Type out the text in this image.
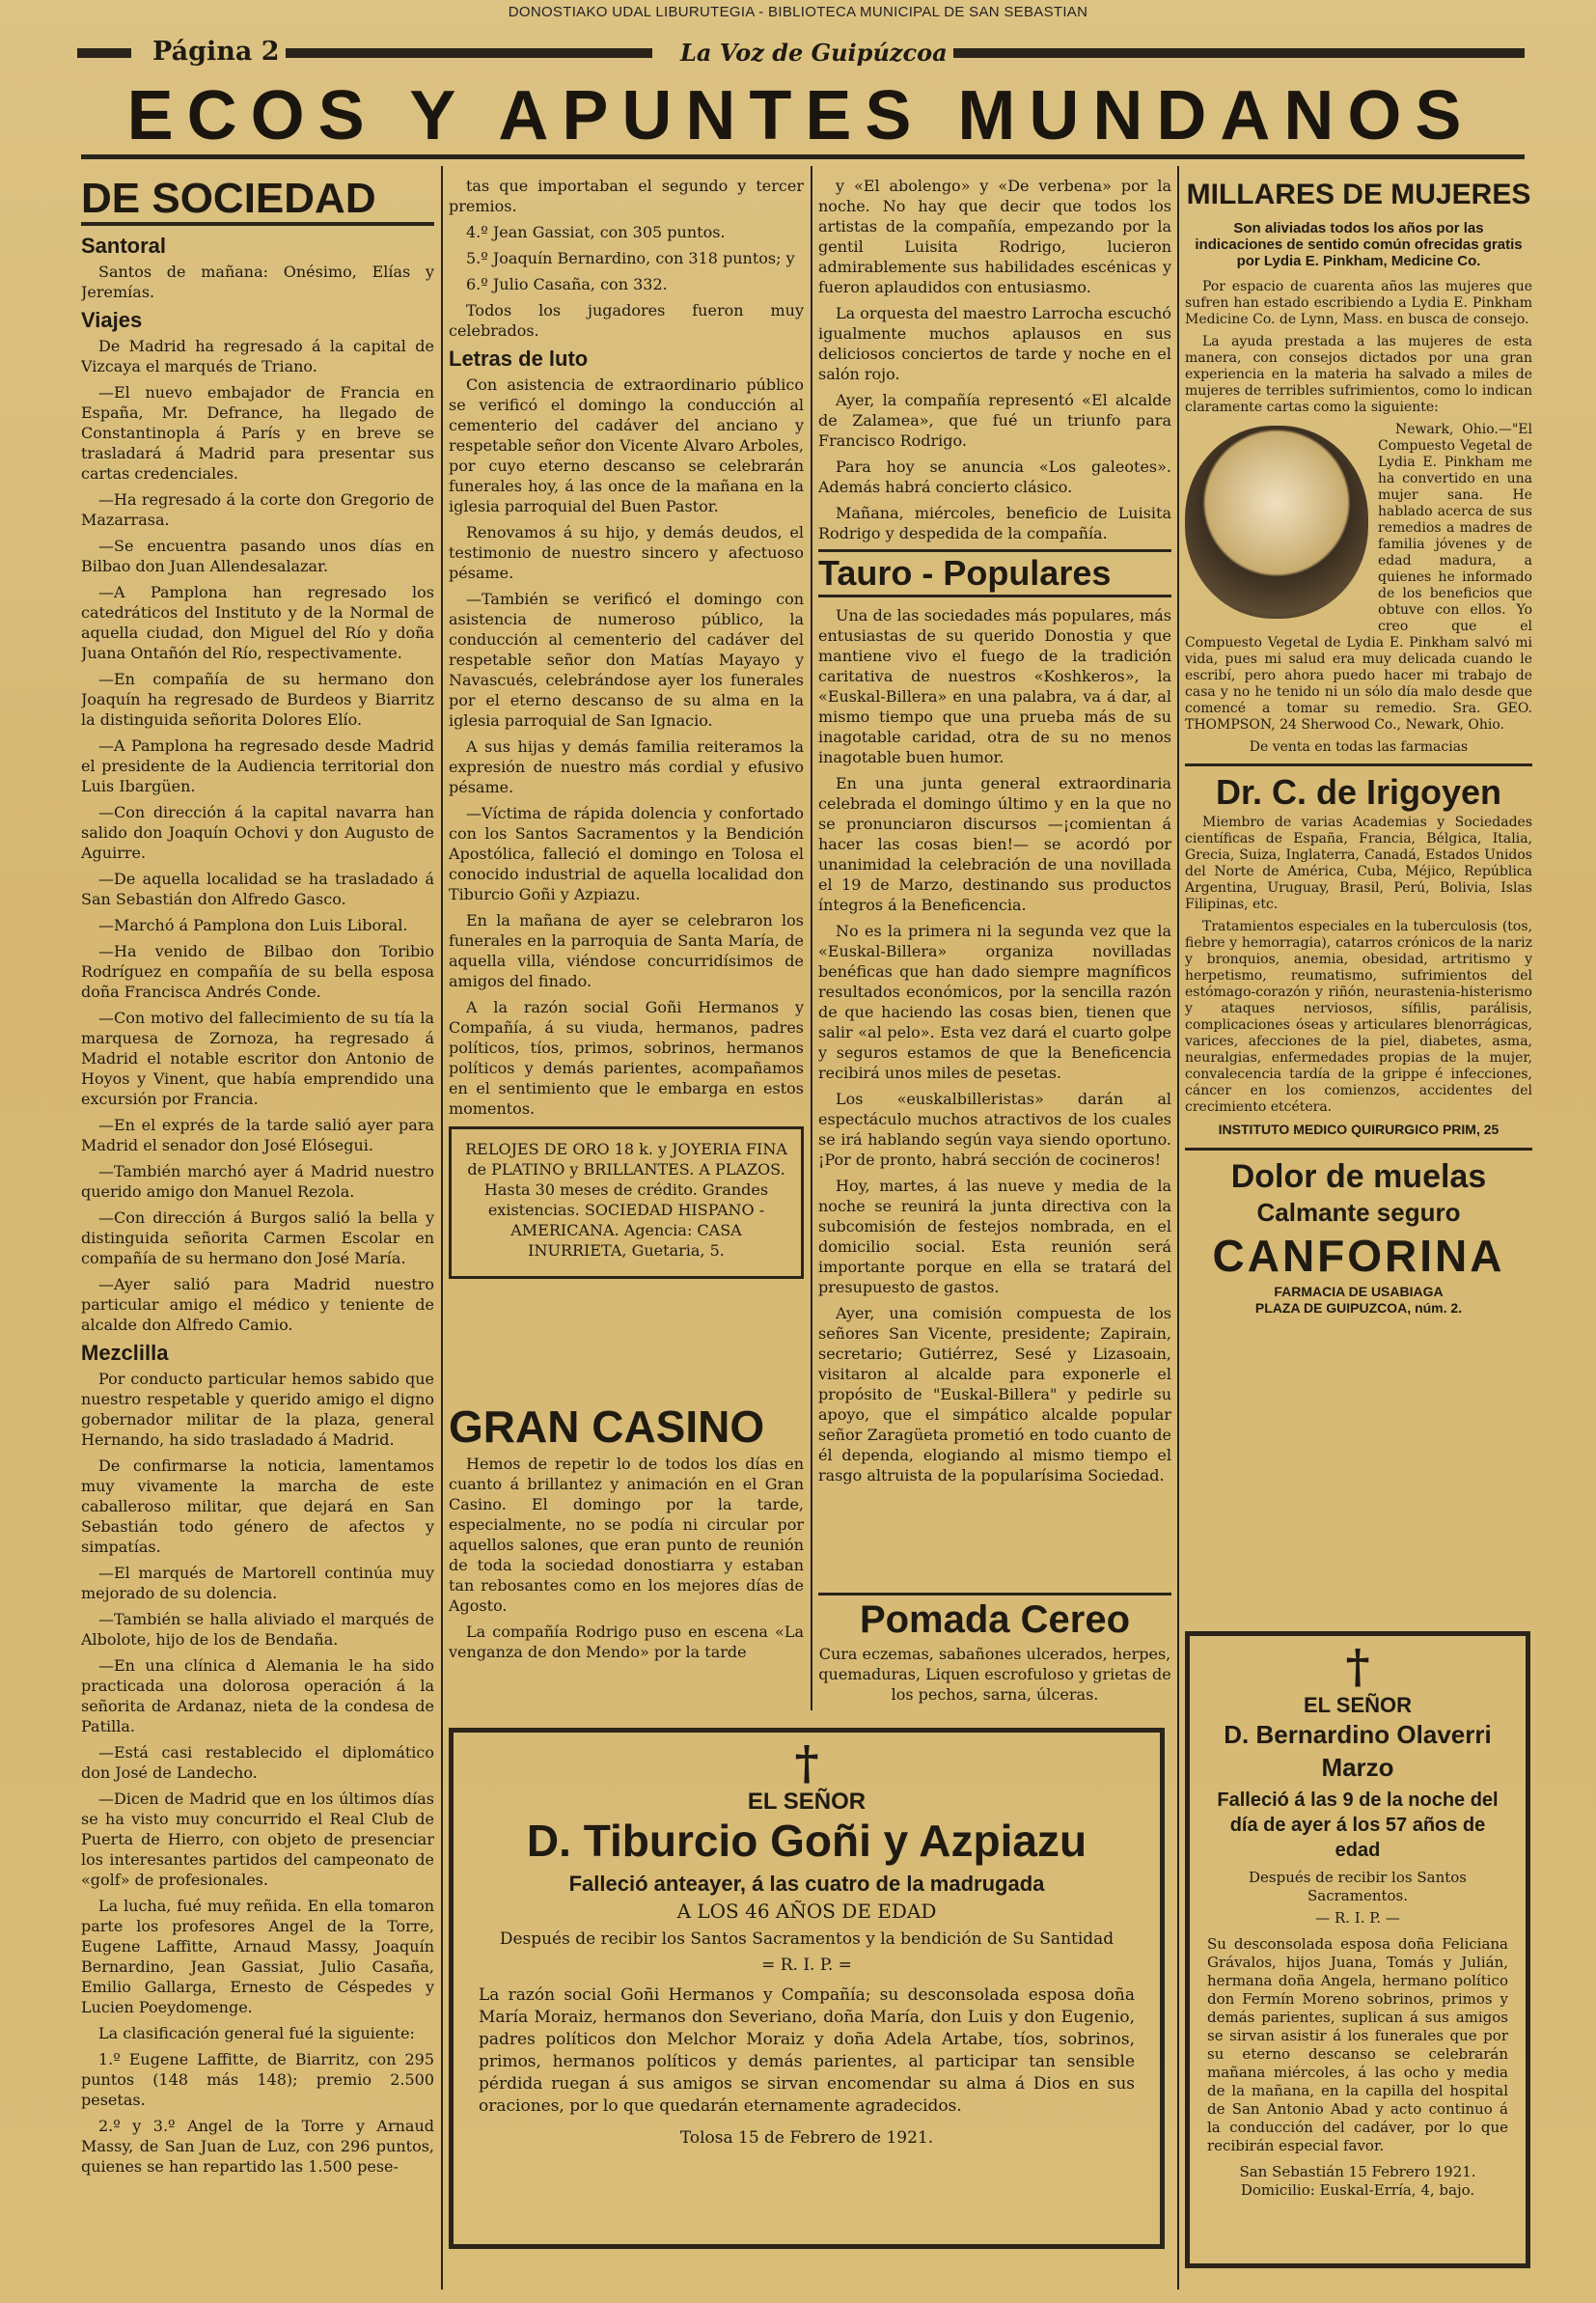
DONOSTIAKO UDAL LIBURUTEGIA - BIBLIOTECA MUNICIPAL DE SAN SEBASTIAN
Página 2	La Voz de Guipúzcoa
ECOS Y APUNTES MUNDANOS
DE SOCIEDAD
Santoral

Santos de mañana: Onésimo, Elías y Jeremías.

Viajes

De Madrid ha regresado á la capital de Vizcaya el marqués de Triano.

—El nuevo embajador de Francia en España, Mr. Defrance, ha llegado de Constantinopla á París y en breve se trasladará á Madrid para presentar sus cartas credenciales.

—Ha regresado á la corte don Gregorio de Mazarrasa.

—Se encuentra pasando unos días en Bilbao don Juan Allendesalazar.

—A Pamplona han regresado los catedráticos del Instituto y de la Normal de aquella ciudad, don Miguel del Río y doña Juana Ontañón del Río, respectivamente.

—En compañía de su hermano don Joaquín ha regresado de Burdeos y Biarritz la distinguida señorita Dolores Elío.

—A Pamplona ha regresado desde Madrid el presidente de la Audiencia territorial don Luis Ibargüen.

—Con dirección á la capital navarra han salido don Joaquín Ochovi y don Augusto de Aguirre.

—De aquella localidad se ha trasladado á San Sebastián don Alfredo Gasco.

—Marchó á Pamplona don Luis Liboral.

—Ha venido de Bilbao don Toribio Rodríguez en compañía de su bella esposa doña Francisca Andrés Conde.

—Con motivo del fallecimiento de su tía la marquesa de Zornoza, ha regresado á Madrid el notable escritor don Antonio de Hoyos y Vinent, que había emprendido una excursión por Francia.

—En el exprés de la tarde salió ayer para Madrid el senador don José Elósegui.

—También marchó ayer á Madrid nuestro querido amigo don Manuel Rezola.

—Con dirección á Burgos salió la bella y distinguida señorita Carmen Escolar en compañía de su hermano don José María.

—Ayer salió para Madrid nuestro particular amigo el médico y teniente de alcalde don Alfredo Camio.

Mezclilla

Por conducto particular hemos sabido que nuestro respetable y querido amigo el digno gobernador militar de la plaza, general Hernando, ha sido trasladado á Madrid.

De confirmarse la noticia, lamentamos muy vivamente la marcha de este caballeroso militar, que dejará en San Sebastián todo género de afectos y simpatías.

—El marqués de Martorell continúa muy mejorado de su dolencia.

—También se halla aliviado el marqués de Albolote, hijo de los de Bendaña.

—En una clínica d Alemania le ha sido practicada una dolorosa operación á la señorita de Ardanaz, nieta de la condesa de Patilla.

—Está casi restablecido el diplomático don José de Landecho.

—Dicen de Madrid que en los últimos días se ha visto muy concurrido el Real Club de Puerta de Hierro, con objeto de presenciar los interesantes partidos del campeonato de «golf» de profesionales.

La lucha, fué muy reñida. En ella tomaron parte los profesores Angel de la Torre, Eugene Laffitte, Arnaud Massy, Joaquín Bernardino, Jean Gassiat, Julio Casaña, Emilio Gallarga, Ernesto de Céspedes y Lucien Poeydomenge.

La clasificación general fué la siguiente:

1.º Eugene Laffitte, de Biarritz, con 295 puntos (148 más 148); premio 2.500 pesetas.

2.º y 3.º Angel de la Torre y Arnaud Massy, de San Juan de Luz, con 296 puntos, quienes se han repartido las 1.500 pese-

tas que importaban el segundo y tercer premios.

4.º Jean Gassiat, con 305 puntos.

5.º Joaquín Bernardino, con 318 puntos; y

6.º Julio Casaña, con 332.

Todos los jugadores fueron muy celebrados.

Letras de luto

Con asistencia de extraordinario público se verificó el domingo la conducción al cementerio del cadáver del anciano y respetable señor don Vicente Alvaro Arboles, por cuyo eterno descanso se celebrarán funerales hoy, á las once de la mañana en la iglesia parroquial del Buen Pastor.

Renovamos á su hijo, y demás deudos, el testimonio de nuestro sincero y afectuoso pésame.

—También se verificó el domingo con asistencia de numeroso público, la conducción al cementerio del cadáver del respetable señor don Matías Mayayo y Navascués, celebrándose ayer los funerales por el eterno descanso de su alma en la iglesia parroquial de San Ignacio.

A sus hijas y demás familia reiteramos la expresión de nuestro más cordial y efusivo pésame.

—Víctima de rápida dolencia y confortado con los Santos Sacramentos y la Bendición Apostólica, falleció el domingo en Tolosa el conocido industrial de aquella localidad don Tiburcio Goñi y Azpiazu.

En la mañana de ayer se celebraron los funerales en la parroquia de Santa María, de aquella villa, viéndose concurridísimos de amigos del finado.

A la razón social Goñi Hermanos y Compañía, á su viuda, hermanos, padres políticos, tíos, primos, sobrinos, hermanos políticos y demás parientes, acompañamos en el sentimiento que le embarga en estos momentos.

RELOJES DE ORO 18 k. y JOYERIA FINA de PLATINO y BRILLANTES. A PLAZOS. Hasta 30 meses de crédito. Grandes existencias. SOCIEDAD HISPANO - AMERICANA. Agencia: CASA INURRIETA, Guetaria, 5.

GRAN CASINO

Hemos de repetir lo de todos los días en cuanto á brillantez y animación en el Gran Casino. El domingo por la tarde, especialmente, no se podía ni circular por aquellos salones, que eran punto de reunión de toda la sociedad donostiarra y estaban tan rebosantes como en los mejores días de Agosto.

La compañía Rodrigo puso en escena «La venganza de don Mendo» por la tarde

y «El abolengo» y «De verbena» por la noche. No hay que decir que todos los artistas de la compañía, empezando por la gentil Luisita Rodrigo, lucieron admirablemente sus habilidades escénicas y fueron aplaudidos con entusiasmo.

La orquesta del maestro Larrocha escuchó igualmente muchos aplausos en sus deliciosos conciertos de tarde y noche en el salón rojo.

Ayer, la compañía representó «El alcalde de Zalamea», que fué un triunfo para Francisco Rodrigo.

Para hoy se anuncia «Los galeotes». Además habrá concierto clásico.

Mañana, miércoles, beneficio de Luisita Rodrigo y despedida de la compañía.

Tauro - Populares

Una de las sociedades más populares, más entusiastas de su querido Donostia y que mantiene vivo el fuego de la tradición caritativa de nuestros «Koshkeros», la «Euskal-Billera» en una palabra, va á dar, al mismo tiempo que una prueba más de su inagotable caridad, otra de su no menos inagotable buen humor.

En una junta general extraordinaria celebrada el domingo último y en la que no se pronunciaron discursos —¡comientan á hacer las cosas bien!— se acordó por unanimidad la celebración de una novillada el 19 de Marzo, destinando sus productos íntegros á la Beneficencia.

No es la primera ni la segunda vez que la «Euskal-Billera» organiza novilladas benéficas que han dado siempre magníficos resultados económicos, por la sencilla razón de que haciendo las cosas bien, tienen que salir «al pelo». Esta vez dará el cuarto golpe y seguros estamos de que la Beneficencia recibirá unos miles de pesetas.

Los «euskalbilleristas» darán al espectáculo muchos atractivos de los cuales se irá hablando según vaya siendo oportuno. ¡Por de pronto, habrá sección de cocineros!

Hoy, martes, á las nueve y media de la noche se reunirá la junta directiva con la subcomisión de festejos nombrada, en el domicilio social. Esta reunión será importante porque en ella se tratará del presupuesto de gastos.

Ayer, una comisión compuesta de los señores San Vicente, presidente; Zapirain, secretario; Gutiérrez, Sesé y Lizasoain, visitaron al alcalde para exponerle el propósito de "Euskal-Billera" y pedirle su apoyo, que el simpático alcalde popular señor Zaragüeta prometió en todo cuanto de él dependa, elogiando al mismo tiempo el rasgo altruista de la popularísima Sociedad.

Pomada Cereo

Cura eczemas, sabañones ulcerados, herpes, quemaduras, Liquen escrofuloso y grietas de los pechos, sarna, úlceras.

†
EL SEÑOR
D. Tiburcio Goñi y Azpiazu
Falleció anteayer, á las cuatro de la madrugada
A LOS 46 AÑOS DE EDAD
Después de recibir los Santos Sacramentos y la bendición de Su Santidad
= R. I. P. =
La razón social Goñi Hermanos y Compañía; su desconsolada esposa doña María Moraiz, hermanos don Severiano, doña María, don Luis y don Eugenio, padres políticos don Melchor Moraiz y doña Adela Artabe, tíos, sobrinos, primos, hermanos políticos y demás parientes, al participar tan sensible pérdida ruegan á sus amigos se sirvan encomendar su alma á Dios en sus oraciones, por lo que quedarán eternamente agradecidos.
Tolosa 15 de Febrero de 1921.
MILLARES DE MUJERES

Son aliviadas todos los años por las indicaciones de sentido común ofrecidas gratis por Lydia E. Pinkham, Medicine Co.

Por espacio de cuarenta años las mujeres que sufren han estado escribiendo a Lydia E. Pinkham Medicine Co. de Lynn, Mass. en busca de consejo.

La ayuda prestada a las mujeres de esta manera, con consejos dictados por una gran experiencia en la materia ha salvado a miles de mujeres de terribles sufrimientos, como lo indican claramente cartas como la siguiente:

Newark, Ohio.—"El Compuesto Vegetal de Lydia E. Pinkham me ha convertido en una mujer sana. He hablado acerca de sus remedios a madres de familia jóvenes y de edad madura, a quienes he informado de los beneficios que obtuve con ellos. Yo creo que el Compuesto Vegetal de Lydia E. Pinkham salvó mi vida, pues mi salud era muy delicada cuando le escribí, pero ahora puedo hacer mi trabajo de casa y no he tenido ni un sólo día malo desde que comencé a tomar su remedio. Sra. GEO. THOMPSON, 24 Sherwood Co., Newark, Ohio.

De venta en todas las farmacias

Dr. C. de Irigoyen

Miembro de varias Academias y Sociedades científicas de España, Francia, Bélgica, Italia, Grecia, Suiza, Inglaterra, Canadá, Estados Unidos del Norte de América, Cuba, Méjico, República Argentina, Uruguay, Brasil, Perú, Bolivia, Islas Filipinas, etc.

Tratamientos especiales en la tuberculosis (tos, fiebre y hemorragia), catarros crónicos de la nariz y bronquios, anemia, obesidad, artritismo y herpetismo, reumatismo, sufrimientos del estómago-corazón y riñón, neurastenia-histerismo y ataques nerviosos, sífilis, parálisis, complicaciones óseas y articulares blenorrágicas, varices, afecciones de la piel, diabetes, asma, neuralgias, enfermedades propias de la mujer, convalecencia tardía de la grippe é infecciones, cáncer en los comienzos, accidentes del crecimiento etcétera.

INSTITUTO MEDICO QUIRURGICO PRIM, 25

Dolor de muelas
Calmante seguro
CANFORINA
FARMACIA DE USABIAGA
PLAZA DE GUIPUZCOA, núm. 2.
†
EL SEÑOR
D. Bernardino Olaverri Marzo
Falleció á las 9 de la noche del día de ayer á los 57 años de edad
Después de recibir los Santos Sacramentos.
— R. I. P. —
Su desconsolada esposa doña Feliciana Grávalos, hijos Juana, Tomás y Julián, hermana doña Angela, hermano político don Fermín Moreno sobrinos, primos y demás parientes, suplican á sus amigos se sirvan asistir á los funerales que por su eterno descanso se celebrarán mañana miércoles, á las ocho y media de la mañana, en la capilla del hospital de San Antonio Abad y acto continuo á la conducción del cadáver, por lo que recibirán especial favor.
San Sebastián 15 Febrero 1921.
Domicilio: Euskal-Erría, 4, bajo.
